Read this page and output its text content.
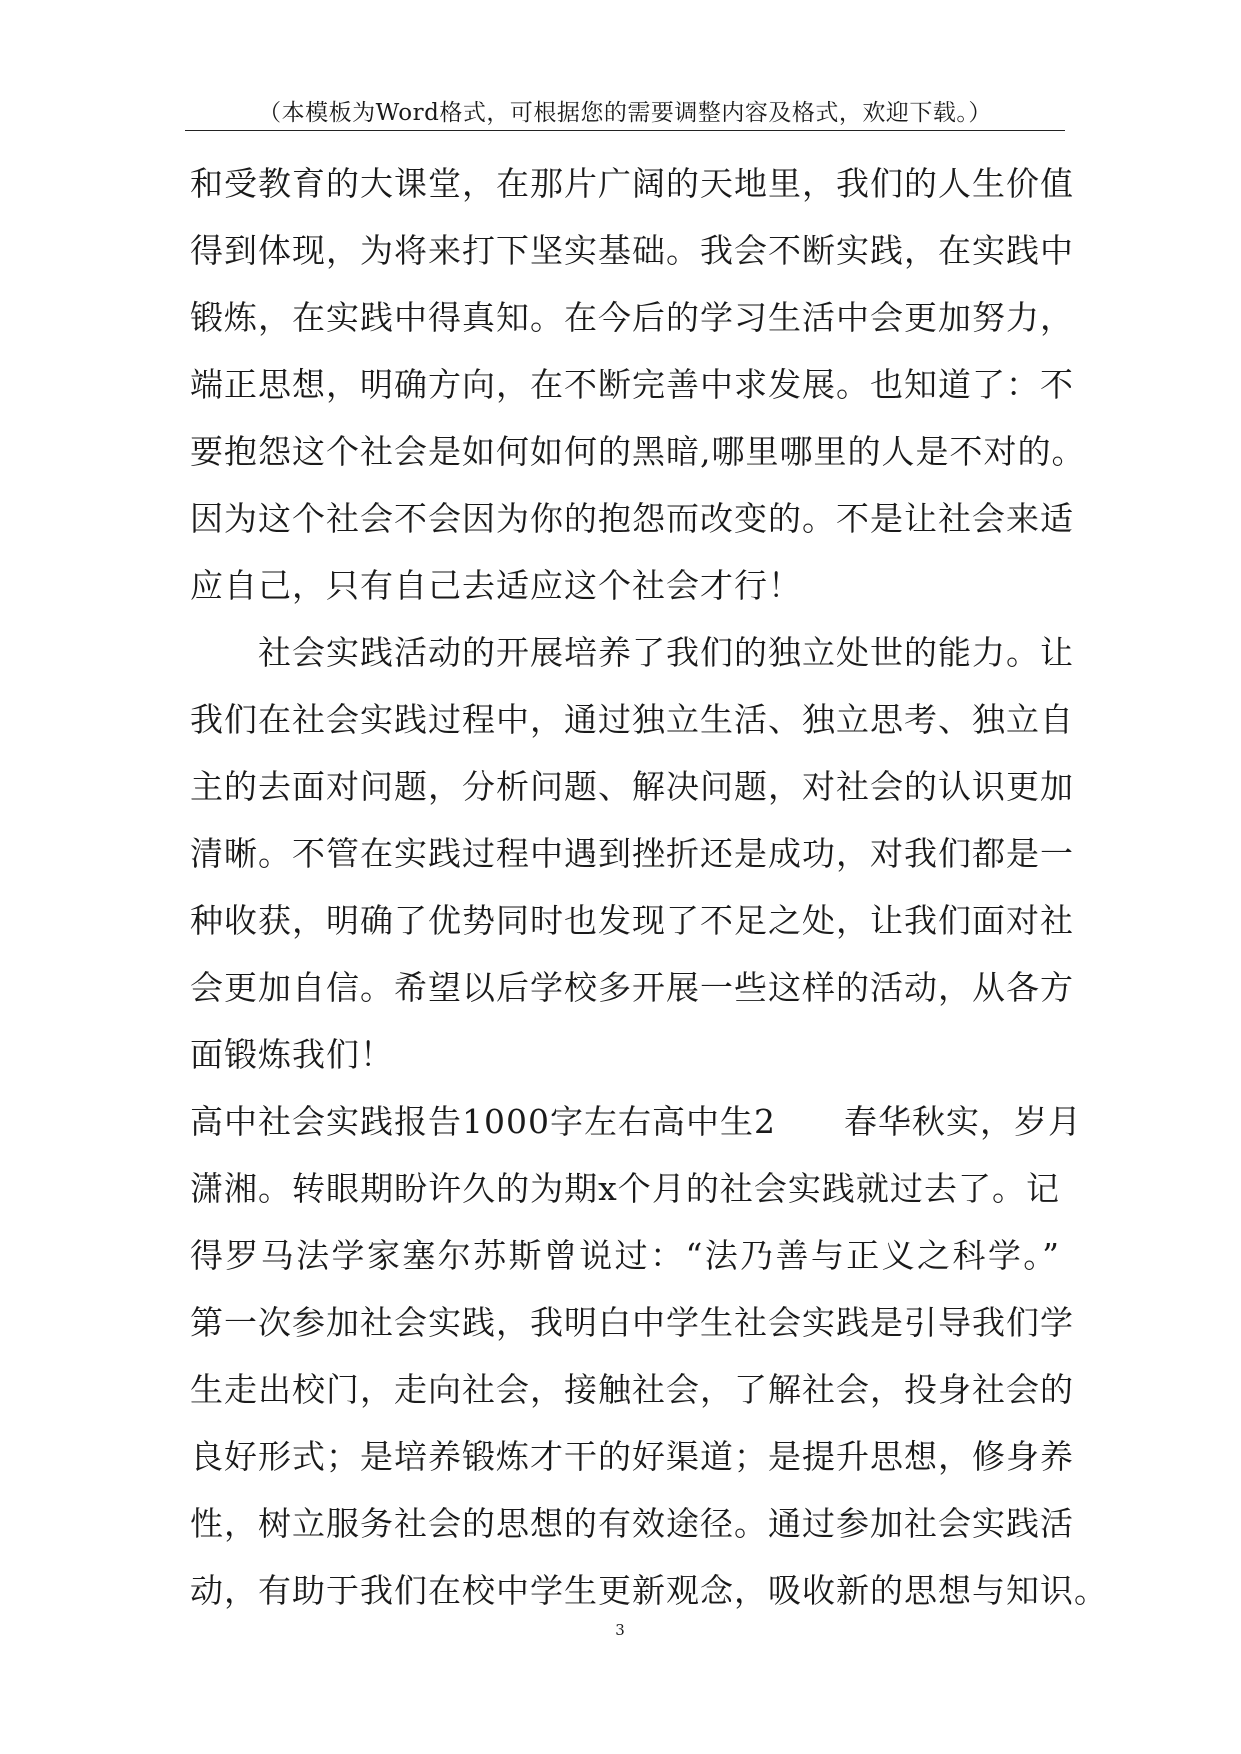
（本模板为Word格式，可根据您的需要调整内容及格式，欢迎下载。）
和受教育的大课堂，在那片广阔的天地里，我们的人生价值
得到体现，为将来打下坚实基础。我会不断实践，在实践中
锻炼，在实践中得真知。在今后的学习生活中会更加努力，
端正思想，明确方向，在不断完善中求发展。也知道了：不
要抱怨这个社会是如何如何的黑暗,哪里哪里的人是不对的。
因为这个社会不会因为你的抱怨而改变的。不是让社会来适
应自己，只有自己去适应这个社会才行！
社会实践活动的开展培养了我们的独立处世的能力。让
我们在社会实践过程中，通过独立生活、独立思考、独立自
主的去面对问题，分析问题、解决问题，对社会的认识更加
清晰。不管在实践过程中遇到挫折还是成功，对我们都是一
种收获，明确了优势同时也发现了不足之处，让我们面对社
会更加自信。希望以后学校多开展一些这样的活动，从各方
面锻炼我们！
高中社会实践报告1000字左右高中生2　　春华秋实，岁月
潇湘。转眼期盼许久的为期x个月的社会实践就过去了。记
得罗马法学家塞尔苏斯曾说过：“法乃善与正义之科学。”
第一次参加社会实践，我明白中学生社会实践是引导我们学
生走出校门，走向社会，接触社会，了解社会，投身社会的
良好形式；是培养锻炼才干的好渠道；是提升思想，修身养
性，树立服务社会的思想的有效途径。通过参加社会实践活
动，有助于我们在校中学生更新观念，吸收新的思想与知识。
3
